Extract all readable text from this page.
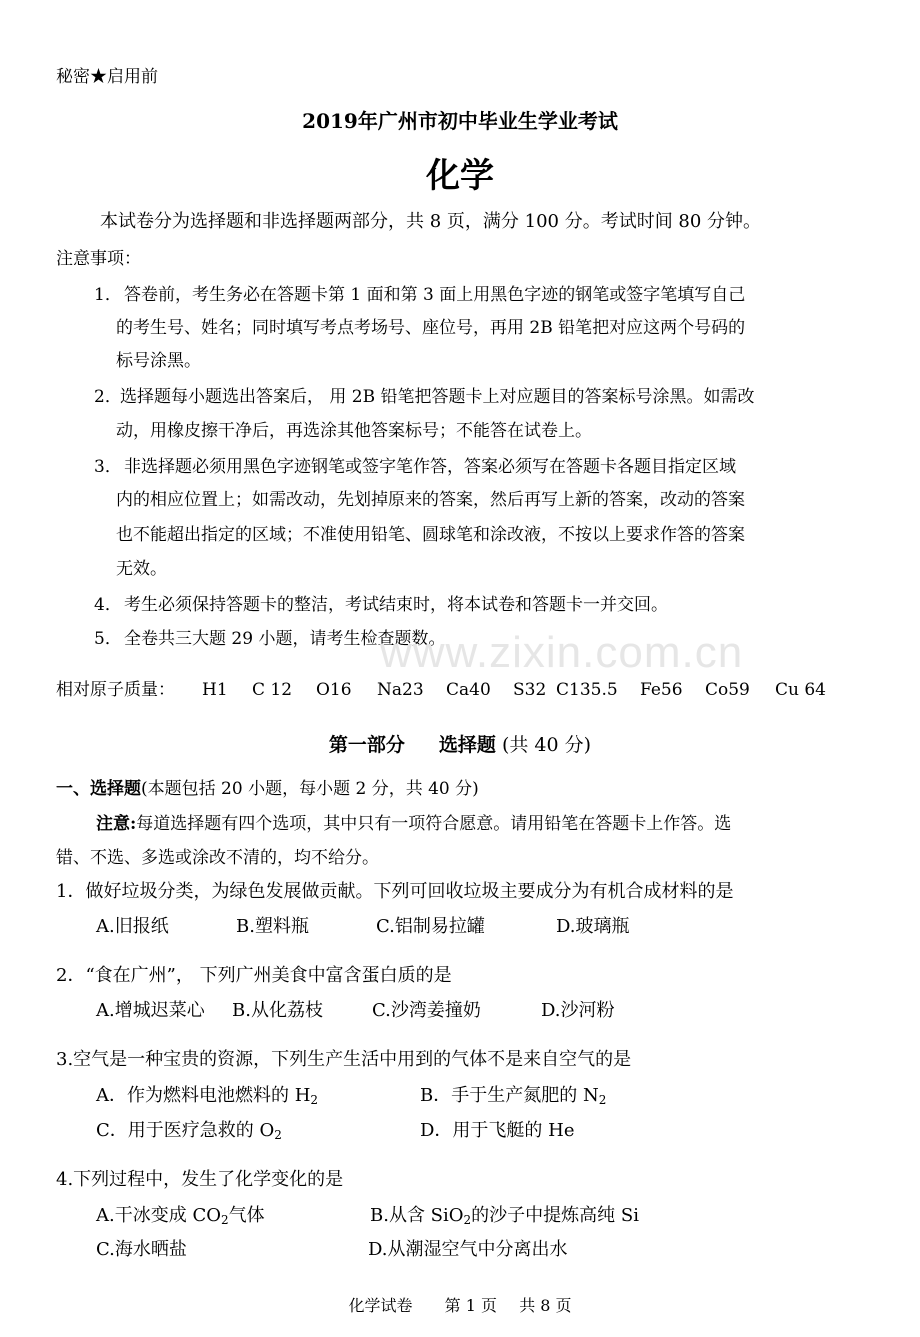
秘密★启用前
2019年广州市初中毕业生学业考试
化学
本试卷分为选择题和非选择题两部分，共 8 页，满分 100 分。考试时间 80 分钟。
注意事项：
1． 答卷前，考生务必在答题卡第 1 面和第 3 面上用黑色字迹的钢笔或签字笔填写自己
的考生号、姓名；同时填写考点考场号、座位号，再用 2B 铅笔把对应这两个号码的
标号涂黑。
2．
选择题每小题选出答案后， 用 2B 铅笔把答题卡上对应题目的答案标号涂黑。如需改
动，用橡皮擦干净后，再选涂其他答案标号；不能答在试卷上。
3． 非选择题必须用黑色字迹钢笔或签字笔作答，答案必须写在答题卡各题目指定区域
内的相应位置上；如需改动，先划掉原来的答案，然后再写上新的答案，改动的答案
也不能超出指定的区域；不准使用铅笔、圆球笔和涂改液，不按以上要求作答的答案
无效。
4． 考生必须保持答题卡的整洁，考试结束时，将本试卷和答题卡一并交回。
5． 全卷共三大题 29 小题，请考生检查题数。
www.zixin.com.cn
相对原子质量： H1 C 12 O16 Na23 Ca40 S32 C135.5 Fe56 Co59 Cu 64
第一部分 选择题 (共 40 分)
一、选择题(本题包括 20 小题，每小题 2 分，共 40 分)
注意:每道选择题有四个选项，其中只有一项符合愿意。请用铅笔在答题卡上作答。选
错、不选、多选或涂改不清的，均不给分。
1．做好垃圾分类，为绿色发展做贡献。下列可回收垃圾主要成分为有机合成材料的是
A.旧报纸	B.塑料瓶	C.铝制易拉罐	D.玻璃瓶
2．“食在广州”， 下列广州美食中富含蛋白质的是
A.增城迟菜心 B.从化荔枝	C.沙湾姜撞奶	D.沙河粉
3.空气是一种宝贵的资源，下列生产生活中用到的气体不是来自空气的是
A．作为燃料电池燃料的 $H_2$	B．手于生产氮肥的 $N_2$
C．用于医疗急救的 $O_2$	D．用于飞艇的 He
4.下列过程中，发生了化学变化的是
A.干冰变成 $CO_2$气体	B.从含 SiO$_2$的沙子中提炼高纯 Si
C.海水晒盐	D.从潮湿空气中分离出水
化学试卷 第 1 页 共 8 页
